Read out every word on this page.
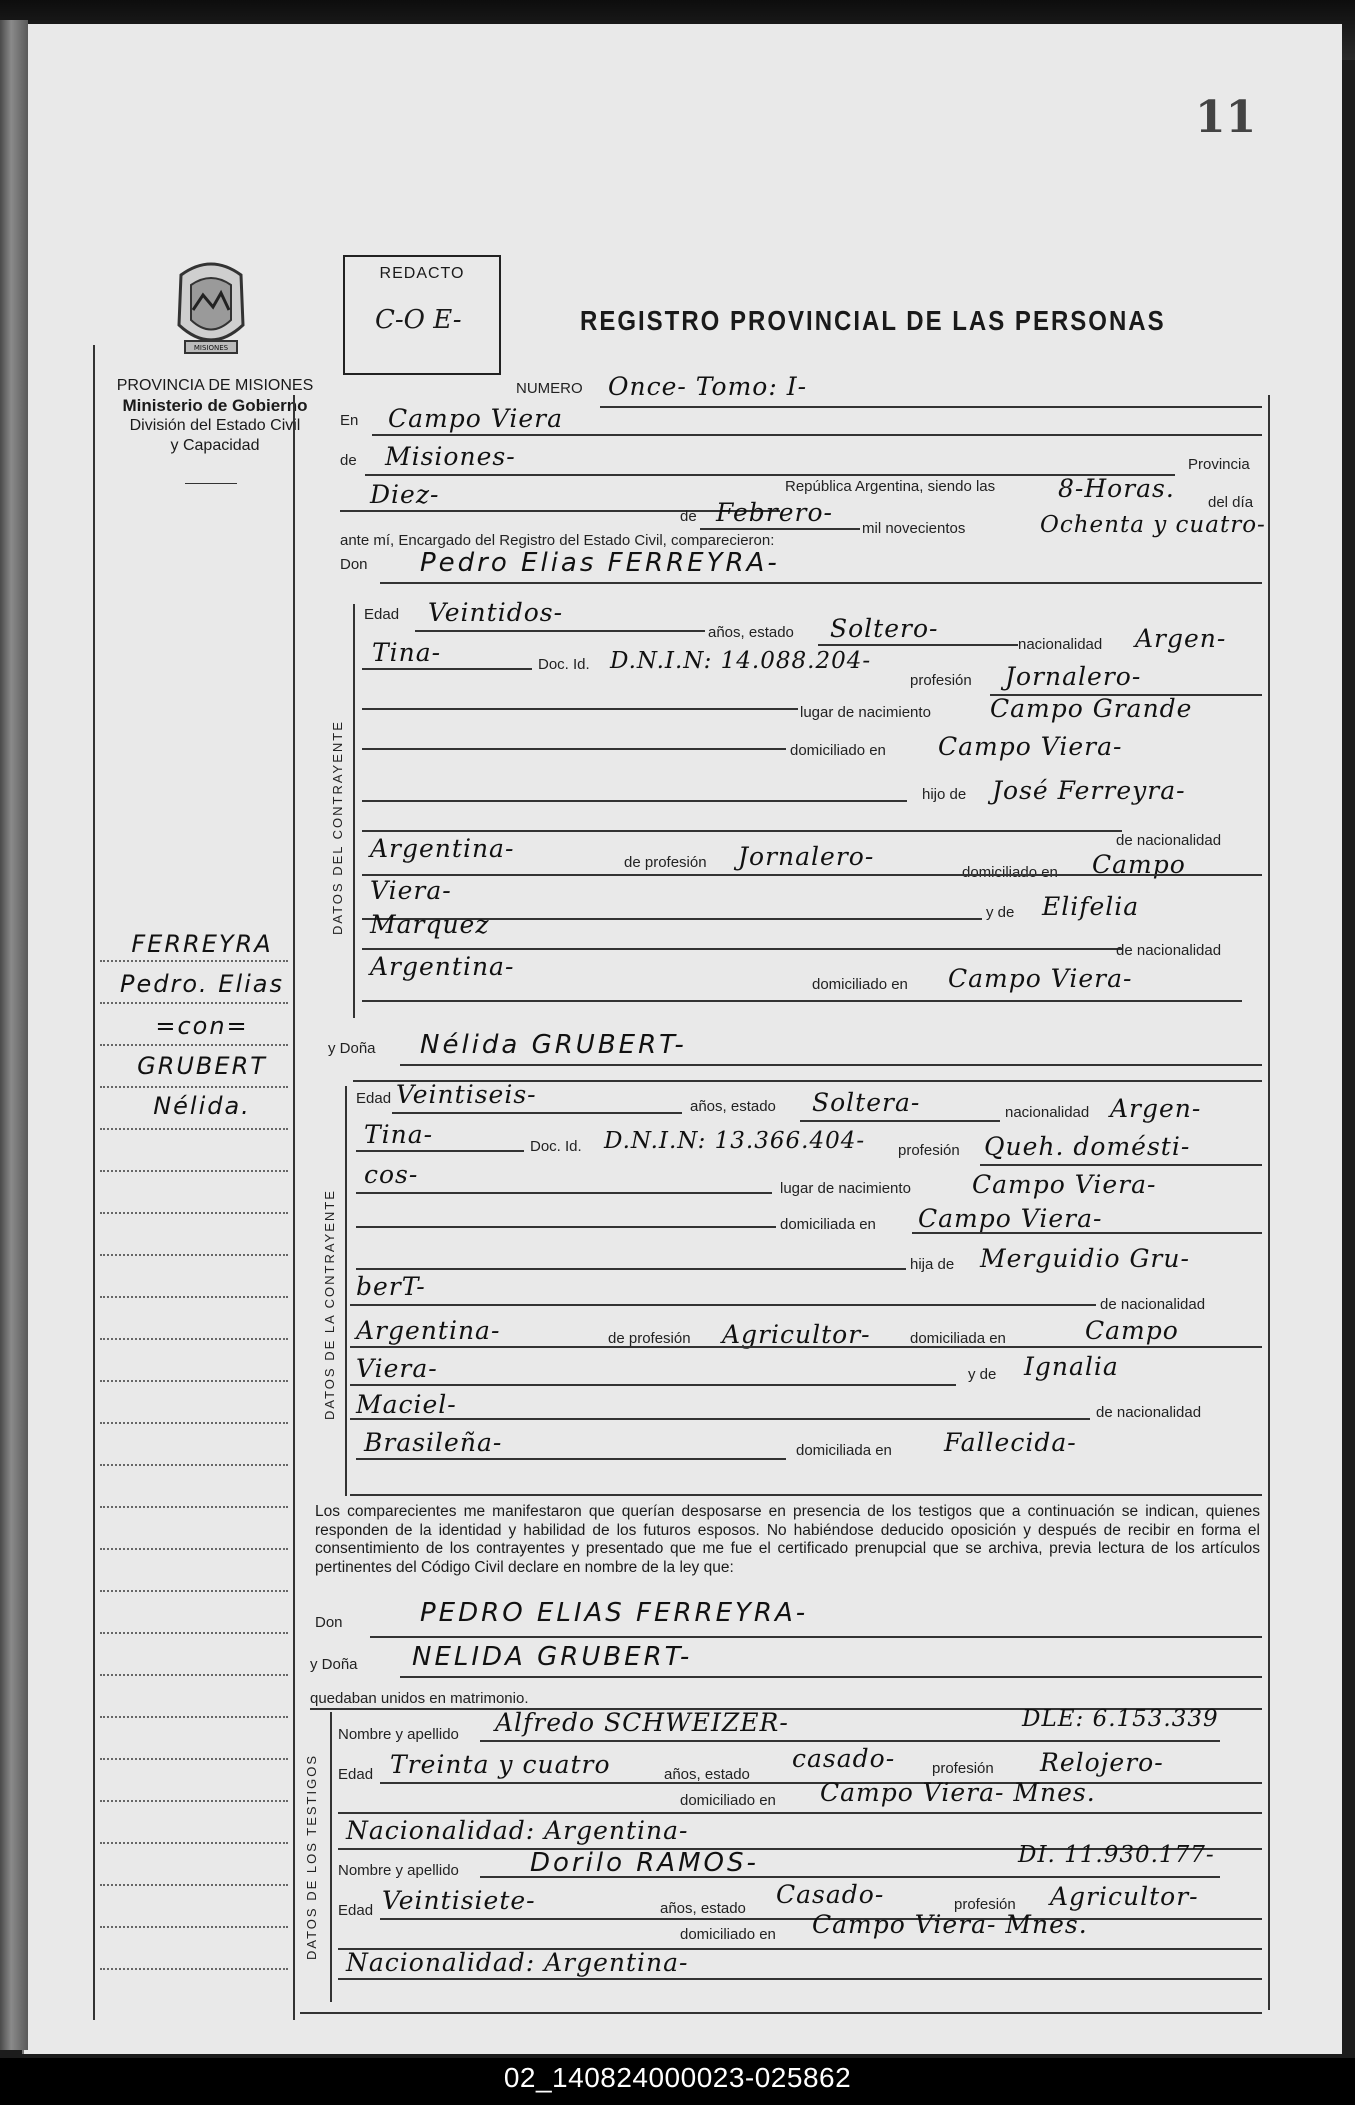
11
MISIONES
PROVINCIA DE MISIONES
Ministerio de Gobierno
División del Estado Civil
y Capacidad
REDACTO
C-O E-	REGISTRO PROVINCIAL DE LAS PERSONAS
FERREYRA
Pedro. Elias
=con=
GRUBERT
Nélida.
NUMERO Once- Tomo: I-
En Campo Viera
de Misiones-	Provincia
Diez-	República Argentina, siendo las	8-Horas. del día
de Febrero-
mil novecientos	Ochenta y cuatro-
ante mí, Encargado del Registro del Estado Civil, comparecieron:
Don Pedro Elias FERREYRA-
DATOS DEL CONTRAYENTE
Edad Veintidos-
años, estado Soltero-
nacionalidad Argen-
Tina-	Doc. Id. D.N.I.N: 14.088.204-
profesión Jornalero-
lugar de nacimiento Campo Grande
domiciliado en Campo Viera-
hijo de José Ferreyra-
de nacionalidad
Argentina-	de profesión Jornalero-
domiciliado en Campo
Viera-
y de Elifelia
Marquez
de nacionalidad
Argentina-
domiciliado en Campo Viera-
y Doña Nélida GRUBERT-
DATOS DE LA CONTRAYENTE
Edad Veintiseis-	años, estado Soltera-	nacionalidad Argen-
Tina-	Doc. Id. D.N.I.N: 13.366.404- profesión Queh. domésti-
cos-	lugar de nacimiento Campo Viera-
domiciliada en Campo Viera-
hija de Merguidio Gru-
berT-
de nacionalidad
Argentina-	de profesión Agricultor-	domiciliada en	Campo
Viera-	y de Ignalia
Maciel-	de nacionalidad
Brasileña-	domiciliada en Fallecida-
Los comparecientes me manifestaron que querían desposarse en presencia de los testigos que a continuación se indican, quienes responden de la identidad y habilidad de los futuros esposos. No habiéndose deducido oposición y después de recibir en forma el consentimiento de los contrayentes y presentado que me fue el certificado prenupcial que se archiva, previa lectura de los artículos pertinentes del Código Civil declare en nombre de la ley que:
Don	PEDRO ELIAS FERREYRA-
y Doña NELIDA GRUBERT-
quedaban unidos en matrimonio.
DATOS DE LOS TESTIGOS
Nombre y apellido Alfredo SCHWEIZER-	DLE: 6.153.339
Edad Treinta y cuatro	años, estado
casado- profesión Relojero-
domiciliado en Campo Viera- Mnes.
Nacionalidad: Argentina-
Nombre y apellido	Dorilo RAMOS-	DI. 11.930.177-
Edad Veintisiete-	años, estado Casado-	profesión Agricultor-
domiciliado en Campo Viera- Mnes.
Nacionalidad: Argentina-
02_140824000023-025862
